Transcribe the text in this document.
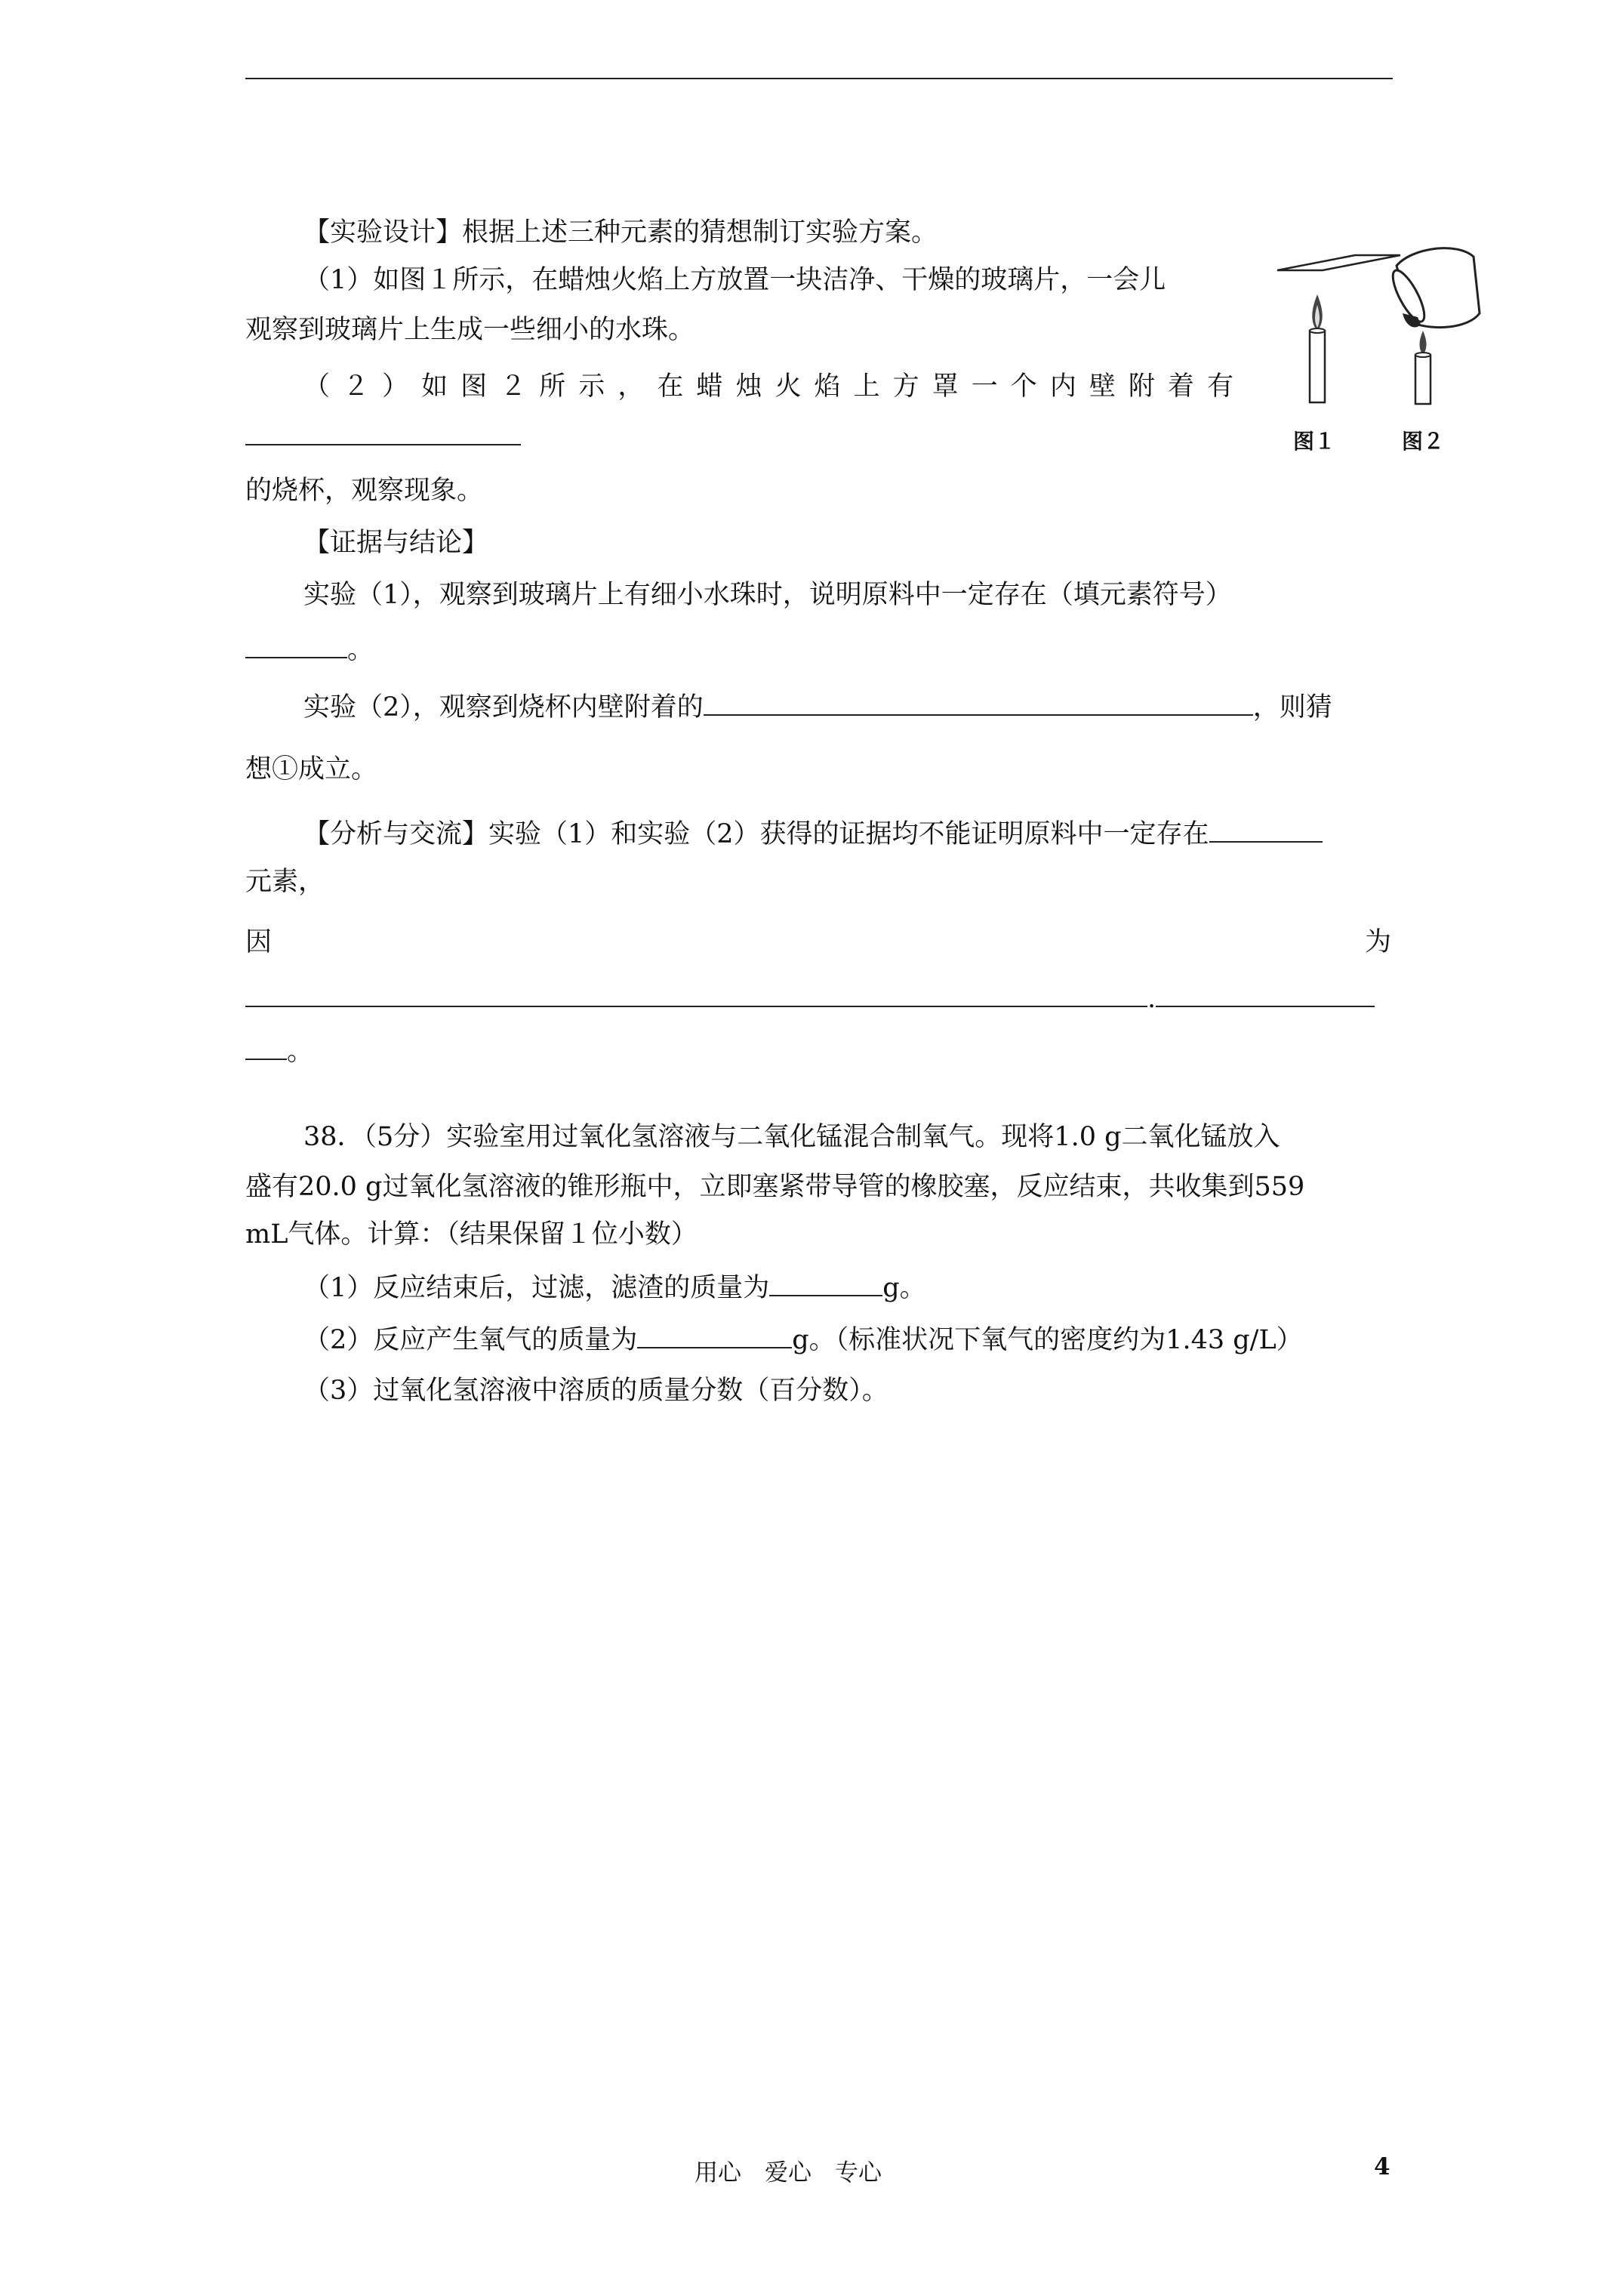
【实验设计】根据上述三种元素的猜想制订实验方案。
（1）如图１所示，在蜡烛火焰上方放置一块洁净、干燥的玻璃片，一会儿
观察到玻璃片上生成一些细小的水珠。
（２）如图２所示，在蜡烛火焰上方罩一个内壁附着有
的烧杯，观察现象。
图１	图２
【证据与结论】
实验（1），观察到玻璃片上有细小水珠时，说明原料中一定存在（填元素符号）
。
实验（2），观察到烧杯内壁附着的	，则猜
想①成立。
【分析与交流】实验（1）和实验（2）获得的证据均不能证明原料中一定存在
元素，
因	为
.
。
38．（5分）实验室用过氧化氢溶液与二氧化锰混合制氧气。现将1.0 g二氧化锰放入
盛有20.0 g过氧化氢溶液的锥形瓶中，立即塞紧带导管的橡胶塞，反应结束，共收集到559
mL气体。计算：（结果保留１位小数）
（1）反应结束后，过滤，滤渣的质量为	g。
（2）反应产生氧气的质量为	g。（标准状况下氧气的密度约为1.43 g/L）
（3）过氧化氢溶液中溶质的质量分数（百分数）。
用心　爱心　专心	4
